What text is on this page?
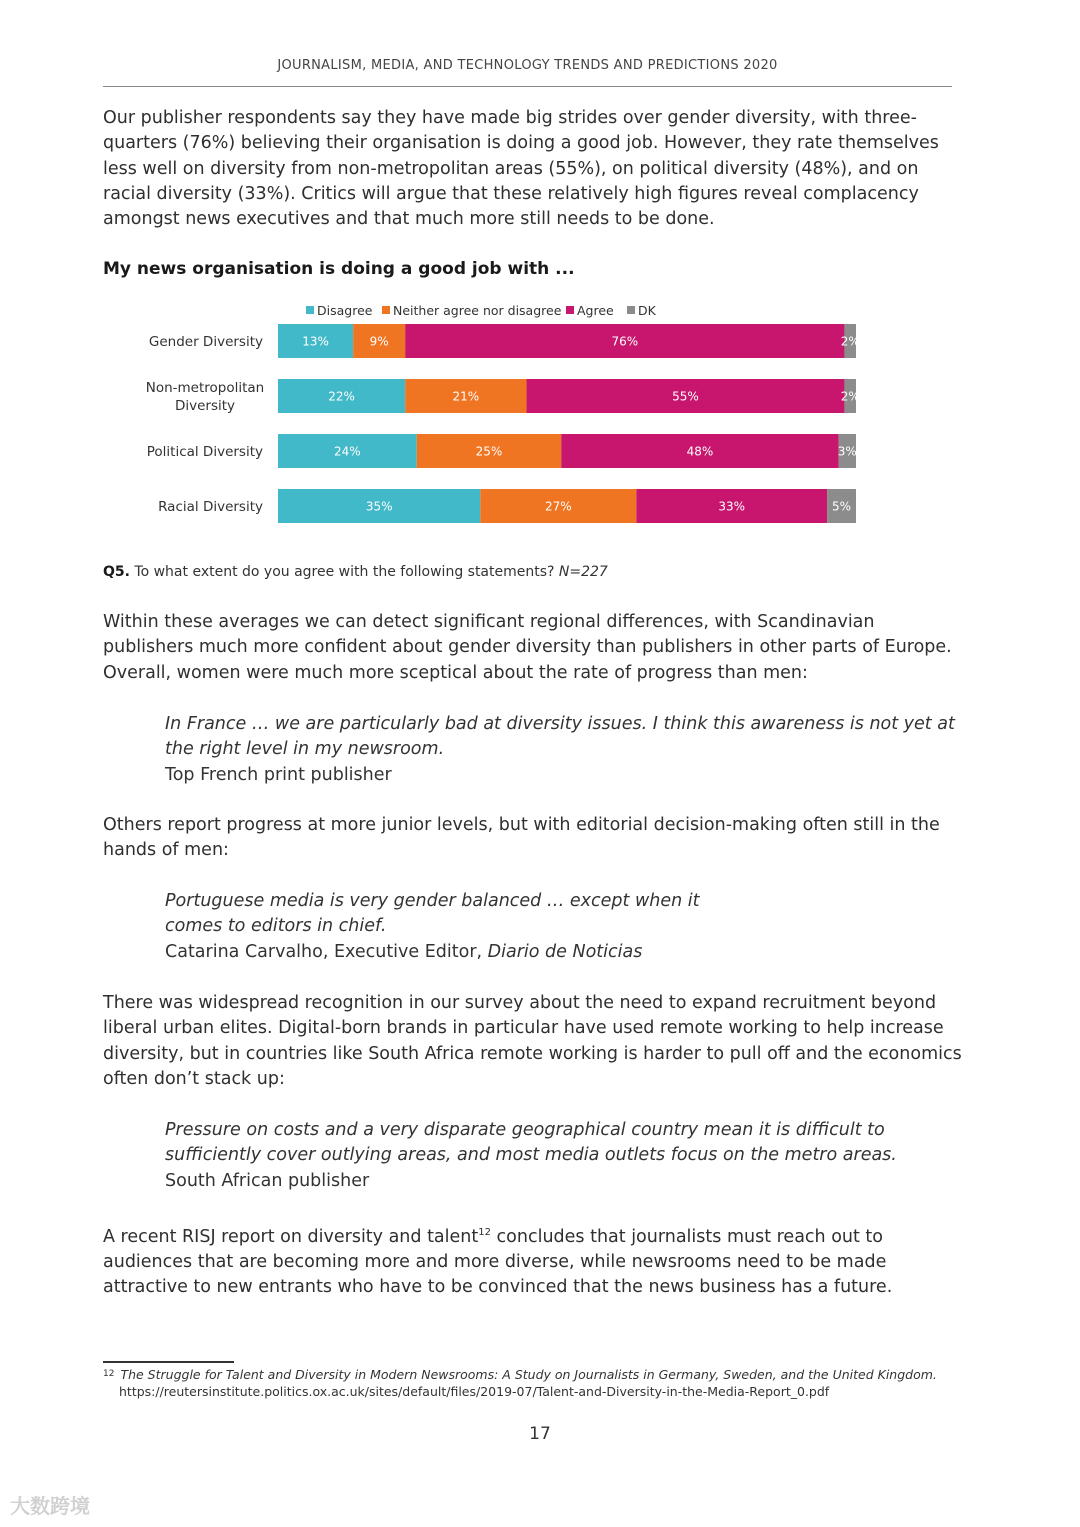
JOURNALISM, MEDIA, AND TECHNOLOGY TRENDS AND PREDICTIONS 2020

Our publisher respondents say they have made big strides over gender diversity, with three-quarters (76%) believing their organisation is doing a good job. However, they rate themselves less well on diversity from non-metropolitan areas (55%), on political diversity (48%), and on racial diversity (33%). Critics will argue that these relatively high figures reveal complacency amongst news executives and that much more still needs to be done.

My news organisation is doing a good job with ...

Disagree Neither agree nor disagree Agree DK
13%	9%	76%	2%
Gender Diversity
22%	21%	55%	2%
Non-metropolitan
Diversity
24%	25%	48%	3%
Political Diversity
35%	27%	33%	5%
Racial Diversity

Q5. To what extent do you agree with the following statements? N=227

Within these averages we can detect significant regional differences, with Scandinavian publishers much more confident about gender diversity than publishers in other parts of Europe. Overall, women were much more sceptical about the rate of progress than men:

In France … we are particularly bad at diversity issues. I think this awareness is not yet at the right level in my newsroom.
Top French print publisher

Others report progress at more junior levels, but with editorial decision-making often still in the hands of men:

Portuguese media is very gender balanced … except when it comes to editors in chief.
Catarina Carvalho, Executive Editor, Diario de Noticias

There was widespread recognition in our survey about the need to expand recruitment beyond liberal urban elites. Digital-born brands in particular have used remote working to help increase diversity, but in countries like South Africa remote working is harder to pull off and the economics often don’t stack up:

Pressure on costs and a very disparate geographical country mean it is difficult to sufficiently cover outlying areas, and most media outlets focus on the metro areas.
South African publisher

A recent RISJ report on diversity and talent$^{12}$ concludes that journalists must reach out to audiences that are becoming more and more diverse, while newsrooms need to be made attractive to new entrants who have to be convinced that the news business has a future.

$^{12}$ The Struggle for Talent and Diversity in Modern Newsrooms: A Study on Journalists in Germany, Sweden, and the United Kingdom.
https://reutersinstitute.politics.ox.ac.uk/sites/default/files/2019-07/Talent-and-Diversity-in-the-Media-Report_0.pdf
17
大数跨境
